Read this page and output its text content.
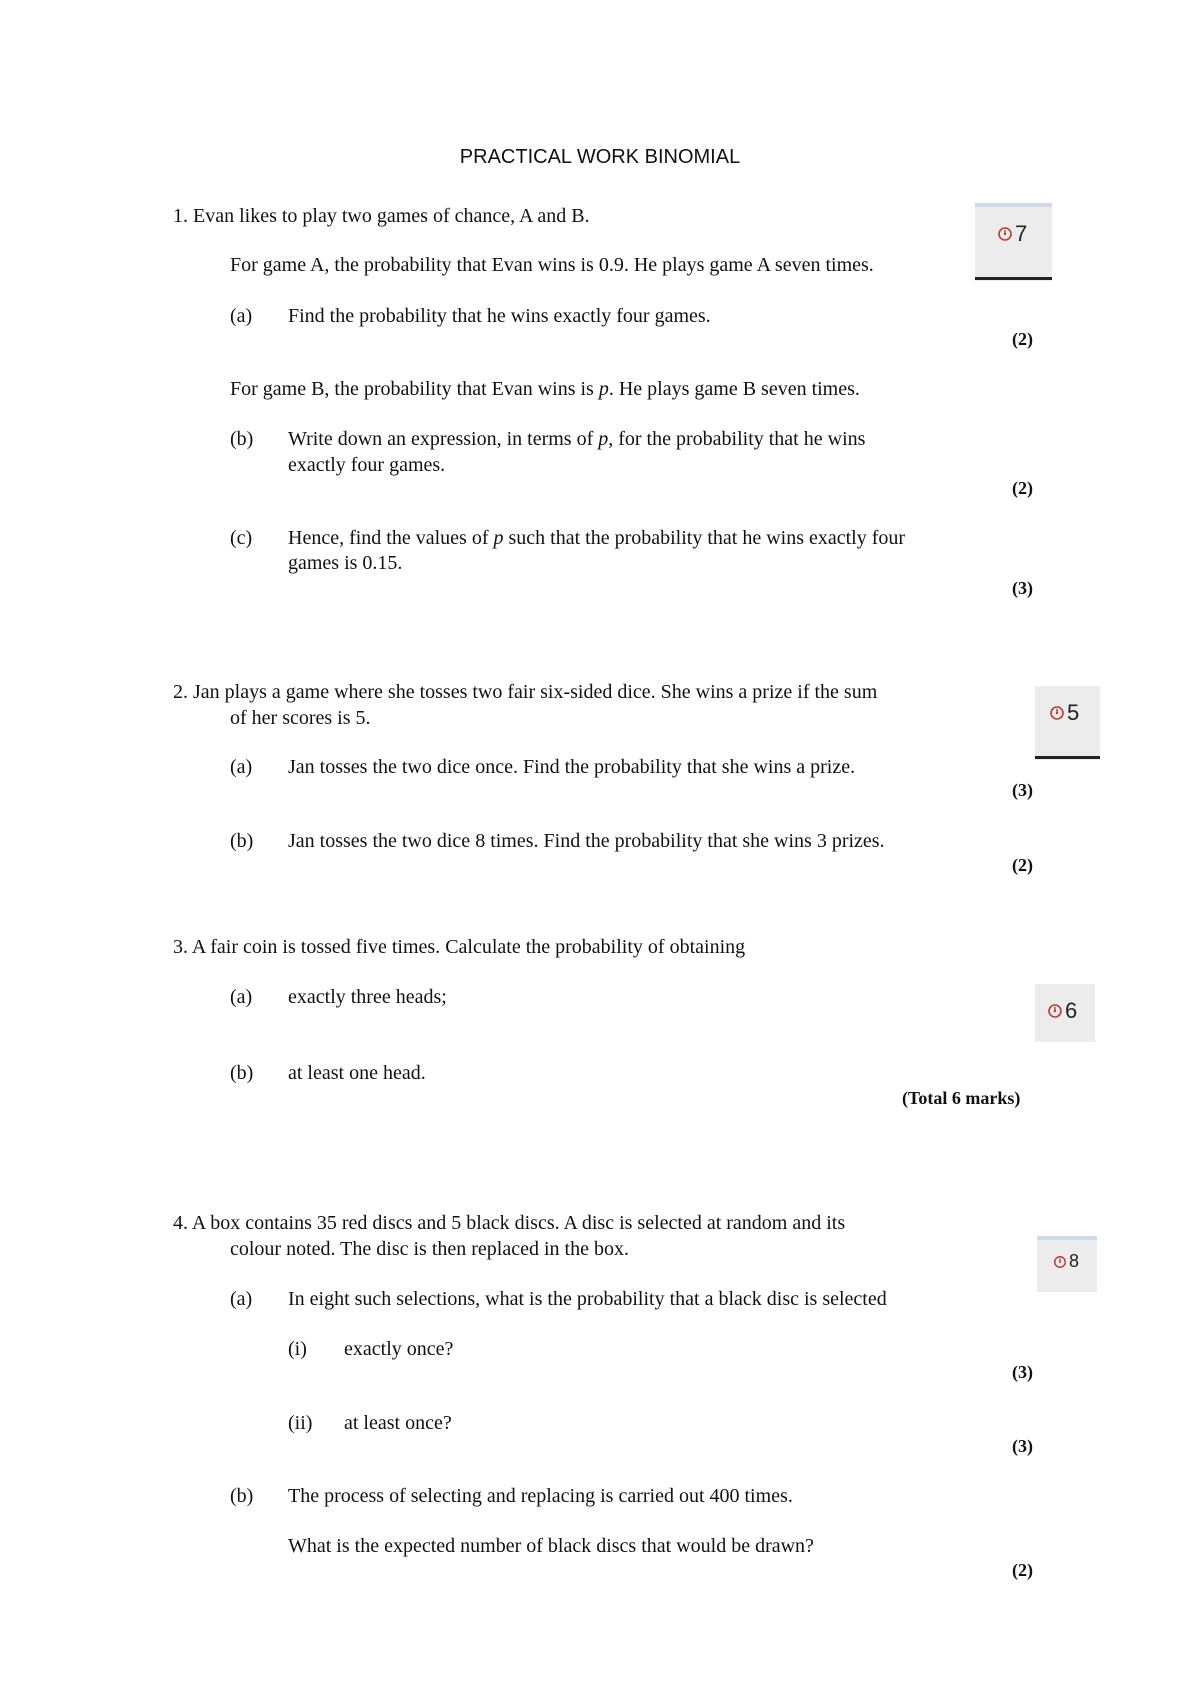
PRACTICAL WORK BINOMIAL
1. Evan likes to play two games of chance, A and B.
For game A, the probability that Evan wins is 0.9. He plays game A seven times.
(a) Find the probability that he wins exactly four games.
(2)
For game B, the probability that Evan wins is p. He plays game B seven times.
(b) Write down an expression, in terms of p, for the probability that he wins
exactly four games.
(2)
(c) Hence, find the values of p such that the probability that he wins exactly four
games is 0.15.
(3)
7
2. Jan plays a game where she tosses two fair six-sided dice. She wins a prize if the sum
of her scores is 5.
(a) Jan tosses the two dice once. Find the probability that she wins a prize.
(3)
(b) Jan tosses the two dice 8 times. Find the probability that she wins 3 prizes.
(2)
5
3. A fair coin is tossed five times. Calculate the probability of obtaining
(a) exactly three heads;
(b) at least one head.
(Total 6 marks)
6
4. A box contains 35 red discs and 5 black discs. A disc is selected at random and its
colour noted. The disc is then replaced in the box.
(a) In eight such selections, what is the probability that a black disc is selected
(i) exactly once?
(3)
(ii) at least once?
(3)
(b) The process of selecting and replacing is carried out 400 times.
What is the expected number of black discs that would be drawn?
(2)
8
